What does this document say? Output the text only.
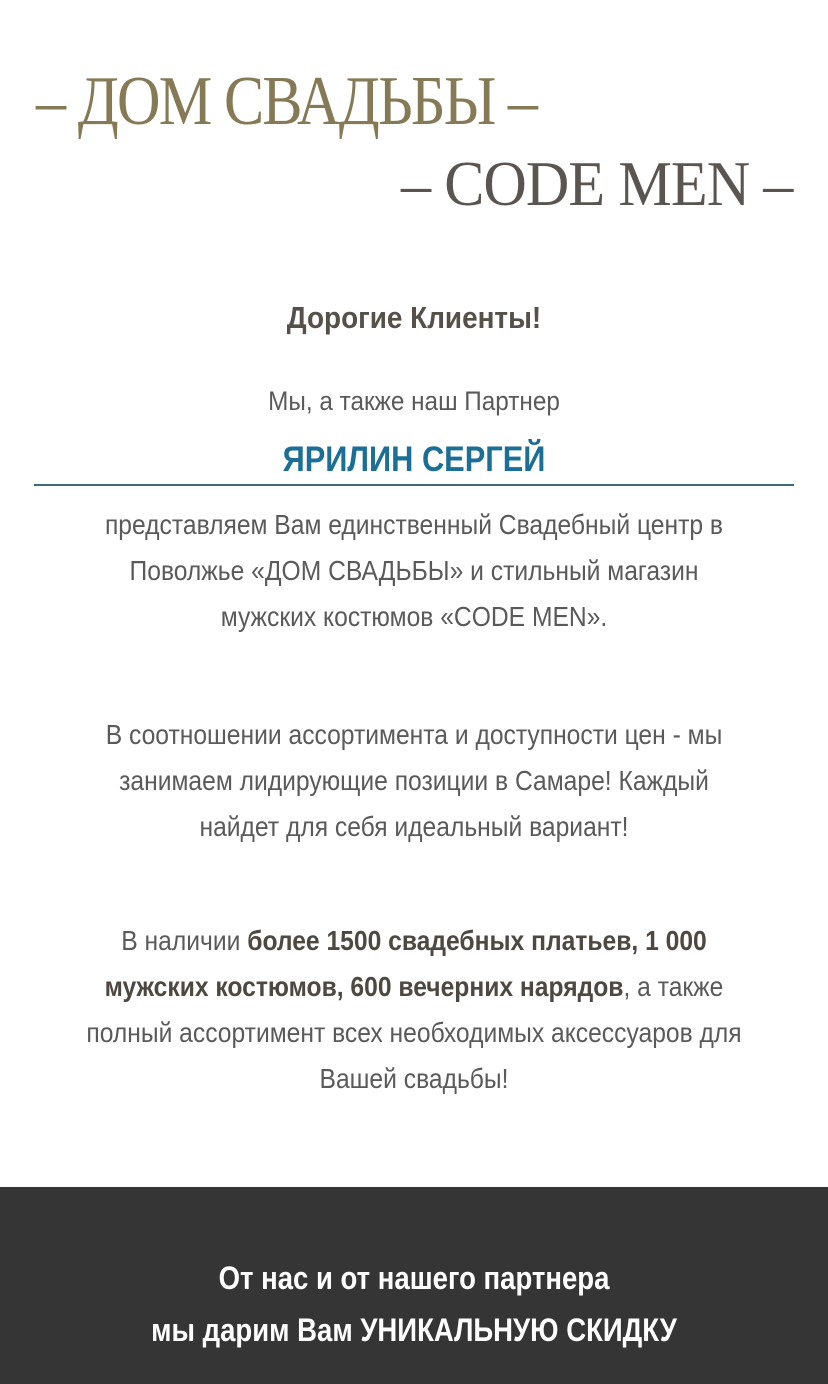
– ДОМ СВАДЬБЫ –
– CODE MEN –
Дорогие Клиенты!
Мы, а также наш Партнер
ЯРИЛИН СЕРГЕЙ
представляем Вам единственный Свадебный центр в Поволжье «ДОМ СВАДЬБЫ» и стильный магазин мужских костюмов «CODE MEN».
В соотношении ассортимента и доступности цен - мы занимаем лидирующие позиции в Самаре! Каждый найдет для себя идеальный вариант!
В наличии более 1500 свадебных платьев, 1 000 мужских костюмов, 600 вечерних нарядов, а также полный ассортимент всех необходимых аксессуаров для Вашей свадьбы!
От нас и от нашего партнера
мы дарим Вам УНИКАЛЬНУЮ СКИДКУ
